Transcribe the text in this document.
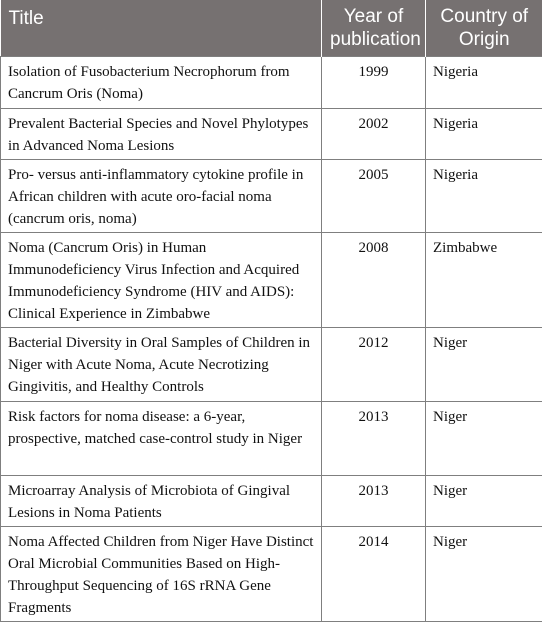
Title	Year of publication	Country of Origin
Isolation of Fusobacterium Necrophorum from Cancrum Oris (Noma)	1999	Nigeria
Prevalent Bacterial Species and Novel Phylotypes in Advanced Noma Lesions	2002	Nigeria
Pro- versus anti-inflammatory cytokine profile in African children with acute oro-facial noma (cancrum oris, noma)	2005	Nigeria
Noma (Cancrum Oris) in Human Immunodeficiency Virus Infection and Acquired Immunodeficiency Syndrome (HIV and AIDS): Clinical Experience in Zimbabwe	2008	Zimbabwe
Bacterial Diversity in Oral Samples of Children in Niger with Acute Noma, Acute Necrotizing Gingivitis, and Healthy Controls	2012	Niger
Risk factors for noma disease: a 6-year, prospective, matched case-control study in Niger	2013	Niger
Microarray Analysis of Microbiota of Gingival Lesions in Noma Patients	2013	Niger
Noma Affected Children from Niger Have Distinct Oral Microbial Communities Based on High-Throughput Sequencing of 16S rRNA Gene Fragments	2014	Niger
